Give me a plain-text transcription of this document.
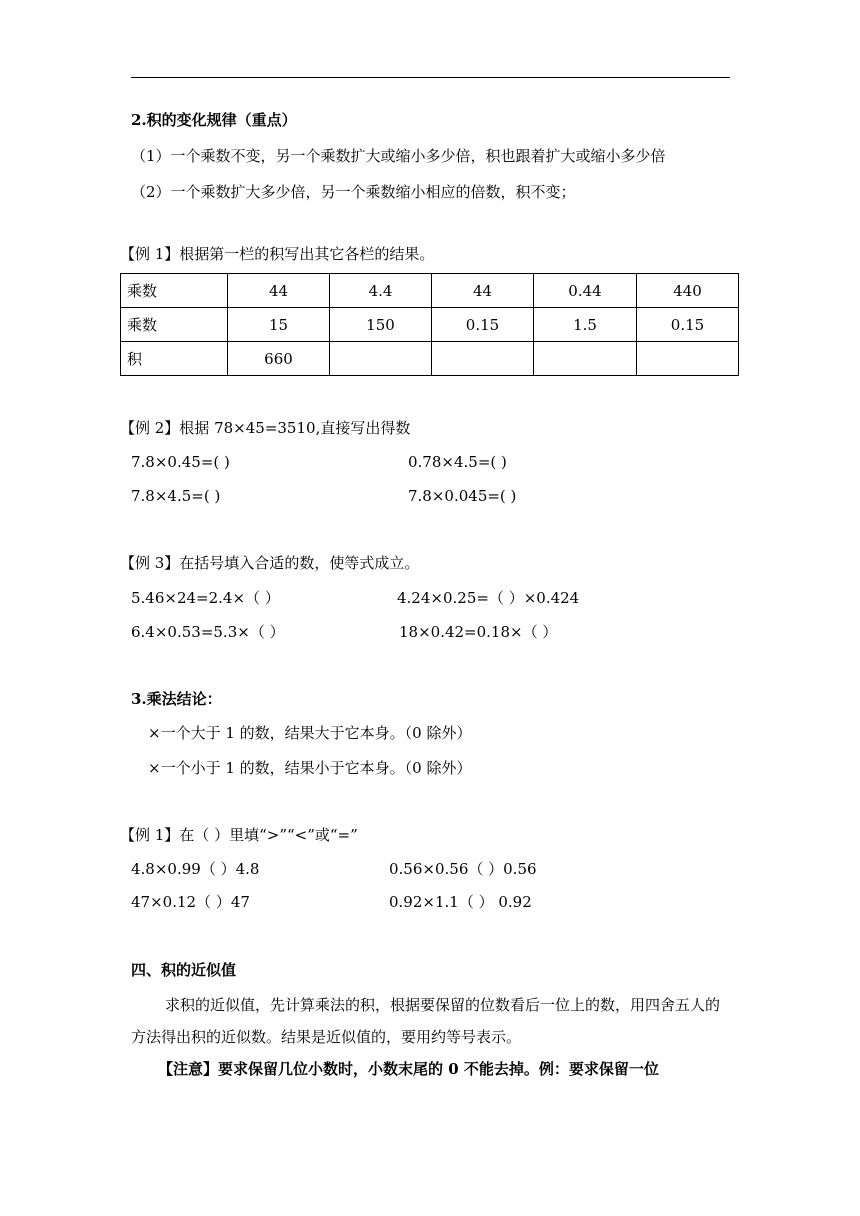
2.积的变化规律（重点）
（1）一个乘数不变，另一个乘数扩大或缩小多少倍，积也跟着扩大或缩小多少倍
（2）一个乘数扩大多少倍，另一个乘数缩小相应的倍数，积不变；
【例 1】根据第一栏的积写出其它各栏的结果。
乘数	44	4.4	44	0.44	440
乘数	15	150	0.15	1.5	0.15
积	660				
【例 2】根据 78×45=3510,直接写出得数
7.8×0.45=( )	0.78×4.5=( )
7.8×4.5=( )	7.8×0.045=( )
【例 3】在括号填入合适的数，使等式成立。
5.46×24=2.4×（ ）	4.24×0.25=（ ）×0.424
6.4×0.53=5.3×（ ）	18×0.42=0.18×（ ）
3.乘法结论：
×一个大于 1 的数，结果大于它本身。（0 除外）
×一个小于 1 的数，结果小于它本身。（0 除外）
【例 1】在（ ）里填“>”“<”或“=”
4.8×0.99（ ）4.8	0.56×0.56（ ）0.56
47×0.12（ ）47	0.92×1.1（ ） 0.92
四、积的近似值
求积的近似值，先计算乘法的积，根据要保留的位数看后一位上的数，用四舍五人的方法得出积的近似数。结果是近似值的，要用约等号表示。
【注意】要求保留几位小数时，小数末尾的 0 不能去掉。例：要求保留一位
